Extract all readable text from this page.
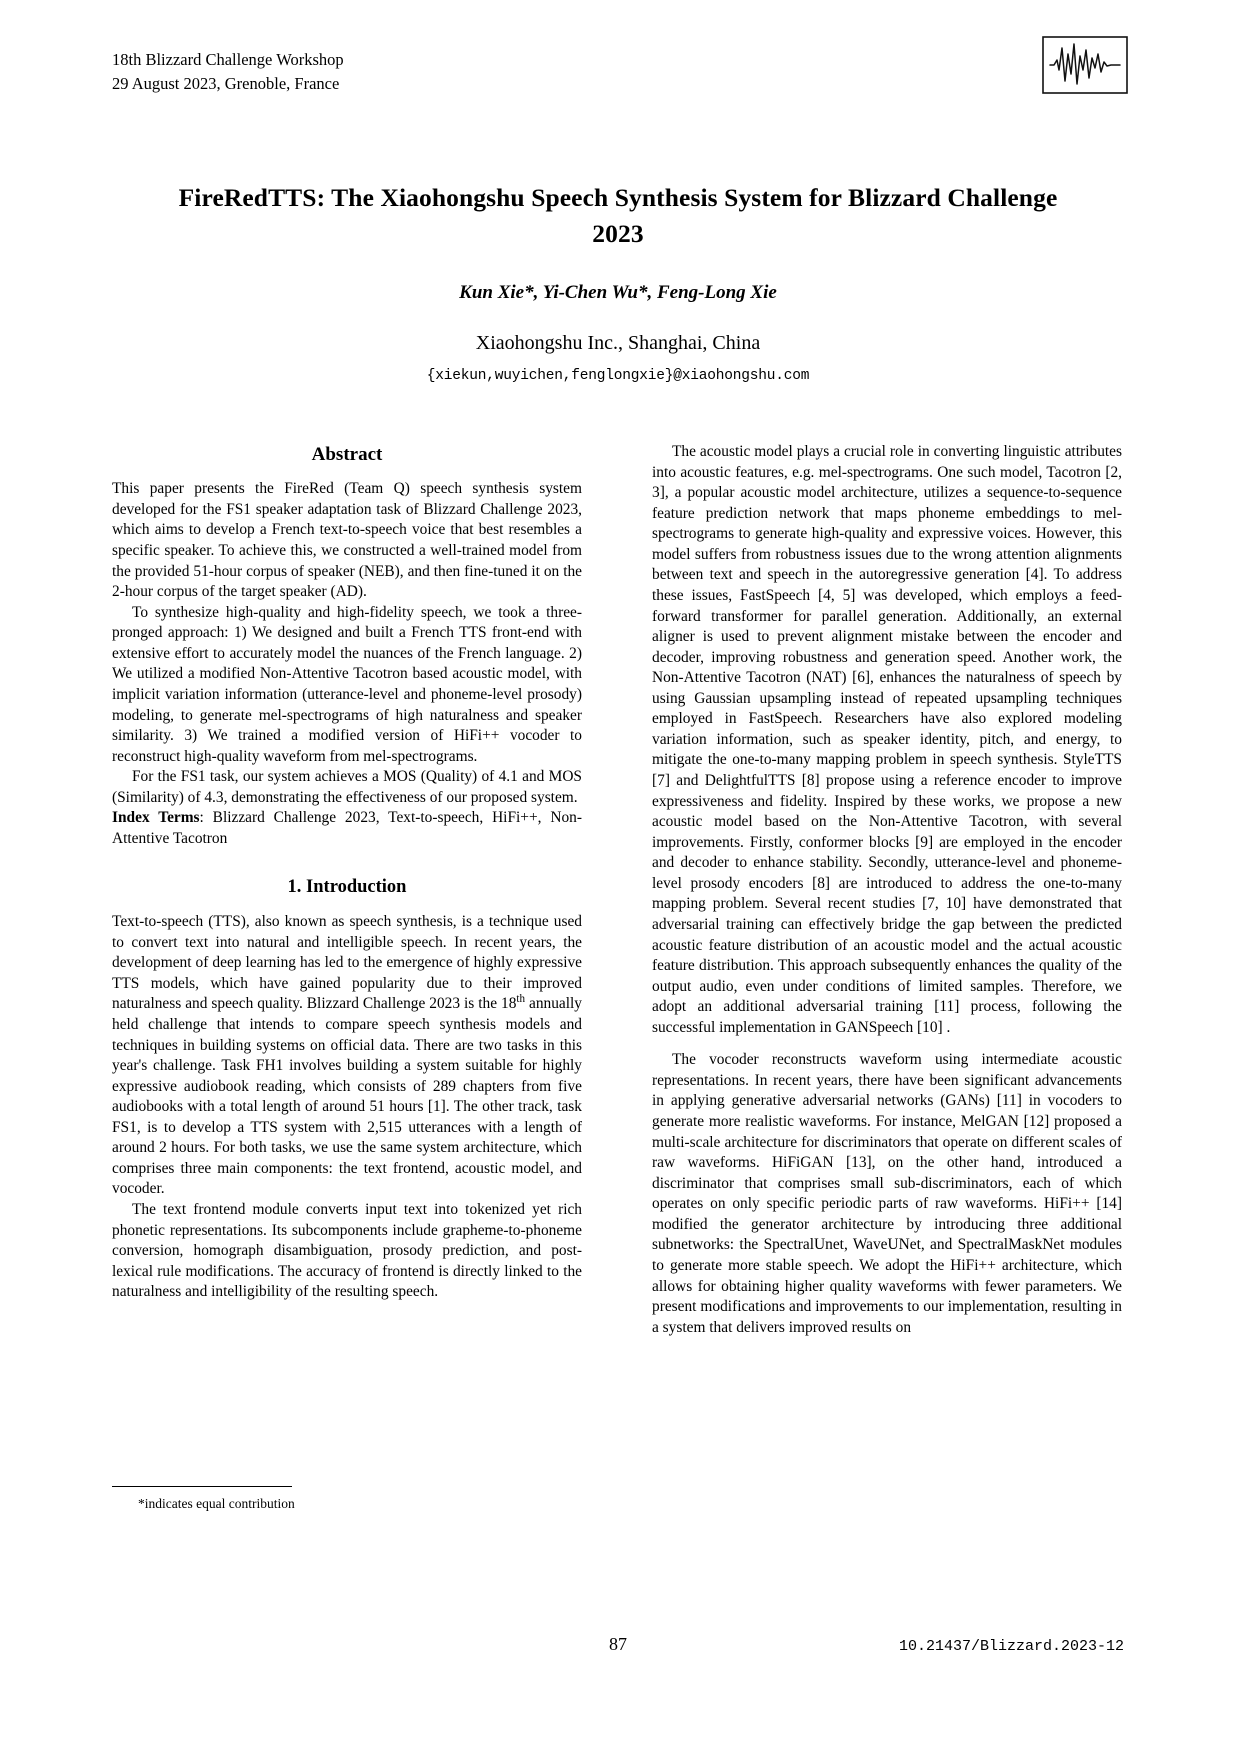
18th Blizzard Challenge Workshop
29 August 2023, Grenoble, France
FireRedTTS: The Xiaohongshu Speech Synthesis System for Blizzard Challenge 2023
Kun Xie*, Yi-Chen Wu*, Feng-Long Xie
Xiaohongshu Inc., Shanghai, China
{xiekun,wuyichen,fenglongxie}@xiaohongshu.com
Abstract

This paper presents the FireRed (Team Q) speech synthesis system developed for the FS1 speaker adaptation task of Blizzard Challenge 2023, which aims to develop a French text-to-speech voice that best resembles a specific speaker. To achieve this, we constructed a well-trained model from the provided 51-hour corpus of speaker (NEB), and then fine-tuned it on the 2-hour corpus of the target speaker (AD).

To synthesize high-quality and high-fidelity speech, we took a three-pronged approach: 1) We designed and built a French TTS front-end with extensive effort to accurately model the nuances of the French language. 2) We utilized a modified Non-Attentive Tacotron based acoustic model, with implicit variation information (utterance-level and phoneme-level prosody) modeling, to generate mel-spectrograms of high naturalness and speaker similarity. 3) We trained a modified version of HiFi++ vocoder to reconstruct high-quality waveform from mel-spectrograms.

For the FS1 task, our system achieves a MOS (Quality) of 4.1 and MOS (Similarity) of 4.3, demonstrating the effectiveness of our proposed system.

Index Terms: Blizzard Challenge 2023, Text-to-speech, HiFi++, Non-Attentive Tacotron

1. Introduction

Text-to-speech (TTS), also known as speech synthesis, is a technique used to convert text into natural and intelligible speech. In recent years, the development of deep learning has led to the emergence of highly expressive TTS models, which have gained popularity due to their improved naturalness and speech quality. Blizzard Challenge 2023 is the 18th annually held challenge that intends to compare speech synthesis models and techniques in building systems on official data. There are two tasks in this year's challenge. Task FH1 involves building a system suitable for highly expressive audiobook reading, which consists of 289 chapters from five audiobooks with a total length of around 51 hours [1]. The other track, task FS1, is to develop a TTS system with 2,515 utterances with a length of around 2 hours. For both tasks, we use the same system architecture, which comprises three main components: the text frontend, acoustic model, and vocoder.

The text frontend module converts input text into tokenized yet rich phonetic representations. Its subcomponents include grapheme-to-phoneme conversion, homograph disambiguation, prosody prediction, and post-lexical rule modifications. The accuracy of frontend is directly linked to the naturalness and intelligibility of the resulting speech.

The acoustic model plays a crucial role in converting linguistic attributes into acoustic features, e.g. mel-spectrograms. One such model, Tacotron [2, 3], a popular acoustic model architecture, utilizes a sequence-to-sequence feature prediction network that maps phoneme embeddings to mel-spectrograms to generate high-quality and expressive voices. However, this model suffers from robustness issues due to the wrong attention alignments between text and speech in the autoregressive generation [4]. To address these issues, FastSpeech [4, 5] was developed, which employs a feed-forward transformer for parallel generation. Additionally, an external aligner is used to prevent alignment mistake between the encoder and decoder, improving robustness and generation speed. Another work, the Non-Attentive Tacotron (NAT) [6], enhances the naturalness of speech by using Gaussian upsampling instead of repeated upsampling techniques employed in FastSpeech. Researchers have also explored modeling variation information, such as speaker identity, pitch, and energy, to mitigate the one-to-many mapping problem in speech synthesis. StyleTTS [7] and DelightfulTTS [8] propose using a reference encoder to improve expressiveness and fidelity. Inspired by these works, we propose a new acoustic model based on the Non-Attentive Tacotron, with several improvements. Firstly, conformer blocks [9] are employed in the encoder and decoder to enhance stability. Secondly, utterance-level and phoneme-level prosody encoders [8] are introduced to address the one-to-many mapping problem. Several recent studies [7, 10] have demonstrated that adversarial training can effectively bridge the gap between the predicted acoustic feature distribution of an acoustic model and the actual acoustic feature distribution. This approach subsequently enhances the quality of the output audio, even under conditions of limited samples. Therefore, we adopt an additional adversarial training [11] process, following the successful implementation in GANSpeech [10] .

The vocoder reconstructs waveform using intermediate acoustic representations. In recent years, there have been significant advancements in applying generative adversarial networks (GANs) [11] in vocoders to generate more realistic waveforms. For instance, MelGAN [12] proposed a multi-scale architecture for discriminators that operate on different scales of raw waveforms. HiFiGAN [13], on the other hand, introduced a discriminator that comprises small sub-discriminators, each of which operates on only specific periodic parts of raw waveforms. HiFi++ [14] modified the generator architecture by introducing three additional subnetworks: the SpectralUnet, WaveUNet, and SpectralMaskNet modules to generate more stable speech. We adopt the HiFi++ architecture, which allows for obtaining higher quality waveforms with fewer parameters. We present modifications and improvements to our implementation, resulting in a system that delivers improved results on

*indicates equal contribution
87	10.21437/Blizzard.2023-12
